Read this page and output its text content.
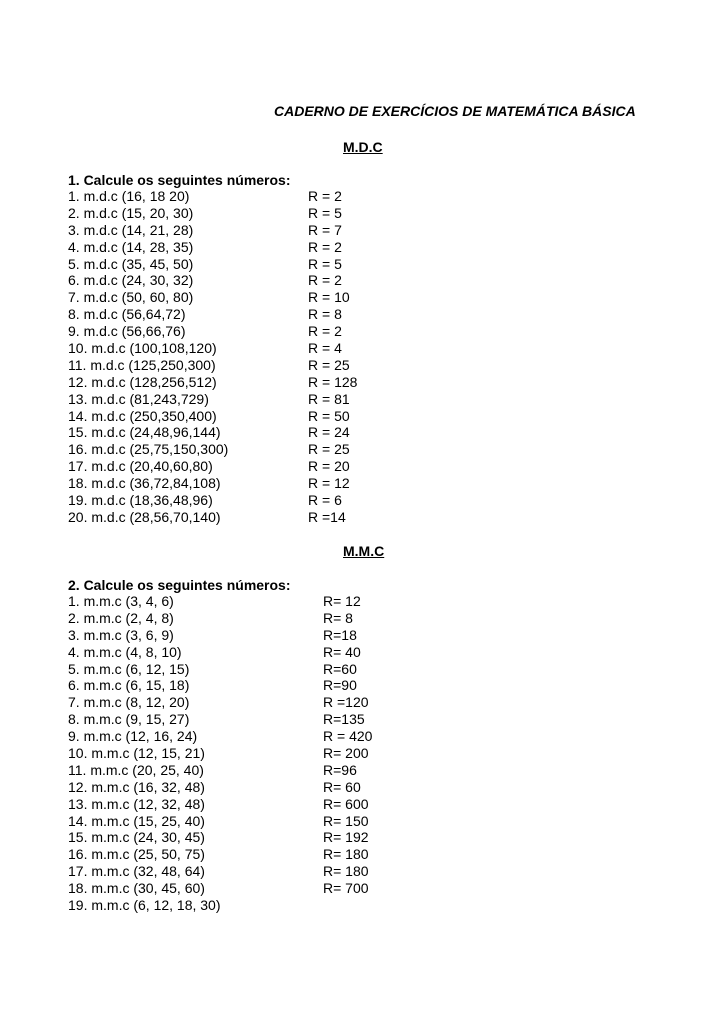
CADERNO DE EXERCÍCIOS DE MATEMÁTICA BÁSICA
M.D.C
1. Calcule os seguintes números:
1. m.d.c (16, 18 20)	R = 2
2. m.d.c (15, 20, 30)	R = 5
3. m.d.c (14, 21, 28)	R = 7
4. m.d.c (14, 28, 35)	R = 2
5. m.d.c (35, 45, 50)	R = 5
6. m.d.c (24, 30, 32)	R = 2
7. m.d.c (50, 60, 80)	R = 10
8. m.d.c (56,64,72)	R = 8
9. m.d.c (56,66,76)	R = 2
10. m.d.c (100,108,120)	R = 4
11. m.d.c (125,250,300)	R = 25
12. m.d.c (128,256,512)	R = 128
13. m.d.c (81,243,729)	R = 81
14. m.d.c (250,350,400)	R = 50
15. m.d.c (24,48,96,144)	R = 24
16. m.d.c (25,75,150,300)	R = 25
17. m.d.c (20,40,60,80)	R = 20
18. m.d.c (36,72,84,108)	R = 12
19. m.d.c (18,36,48,96)	R = 6
20. m.d.c (28,56,70,140)	R =14
M.M.C
2. Calcule os seguintes números:
1. m.m.c (3, 4, 6)	R= 12
2. m.m.c (2, 4, 8)	R= 8
3. m.m.c (3, 6, 9)	R=18
4. m.m.c (4, 8, 10)	R= 40
5. m.m.c (6, 12, 15)	R=60
6. m.m.c (6, 15, 18)	R=90
7. m.m.c (8, 12, 20)	R =120
8. m.m.c (9, 15, 27)	R=135
9. m.m.c (12, 16, 24)	R = 420
10. m.m.c (12, 15, 21)	R= 200
11. m.m.c (20, 25, 40)	R=96
12. m.m.c (16, 32, 48)	R= 60
13. m.m.c (12, 32, 48)	R= 600
14. m.m.c (15, 25, 40)	R= 150
15. m.m.c (24, 30, 45)	R= 192
16. m.m.c (25, 50, 75)	R= 180
17. m.m.c (32, 48, 64)	R= 180
18. m.m.c (30, 45, 60)	R= 700
19. m.m.c (6, 12, 18, 30)
